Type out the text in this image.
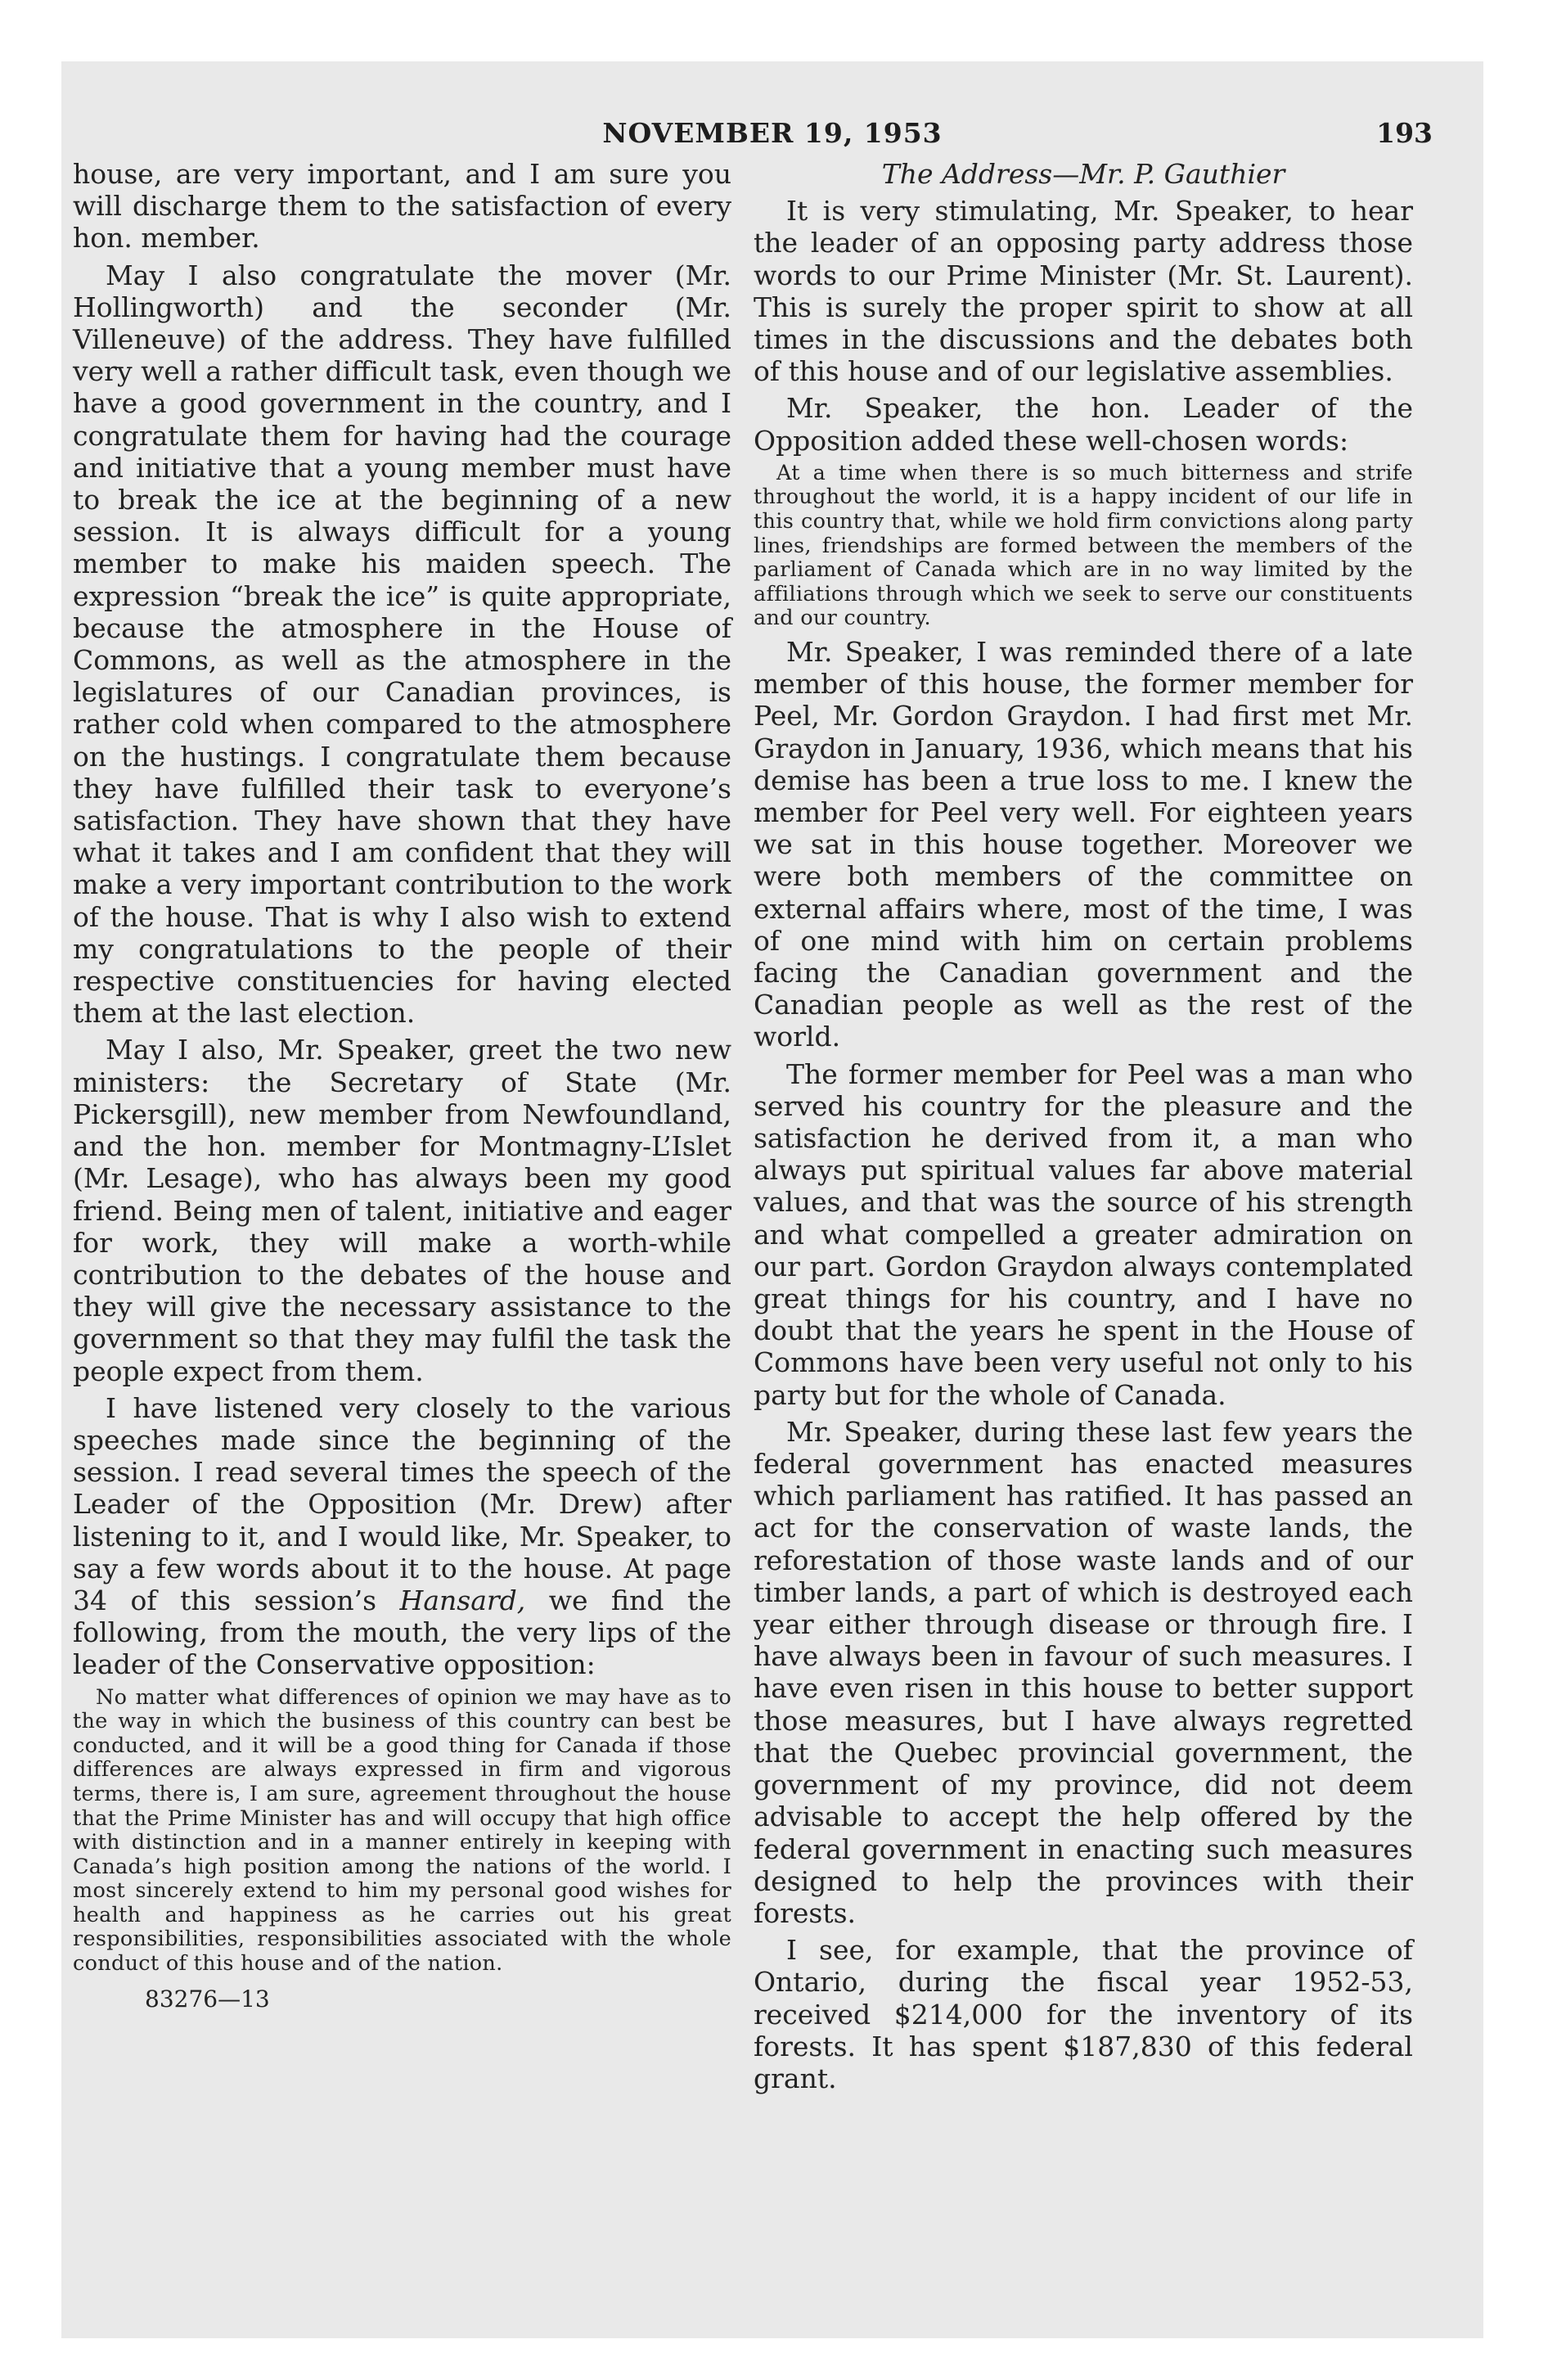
NOVEMBER 19, 1953	193

house, are very important, and I am sure you will discharge them to the satisfaction of every hon. member.

May I also congratulate the mover (Mr. Hollingworth) and the seconder (Mr. Villeneuve) of the address. They have fulfilled very well a rather difficult task, even though we have a good government in the country, and I congratulate them for having had the courage and initiative that a young member must have to break the ice at the beginning of a new session. It is always difficult for a young member to make his maiden speech. The expression “break the ice” is quite appropriate, because the atmosphere in the House of Commons, as well as the atmosphere in the legislatures of our Canadian provinces, is rather cold when compared to the atmosphere on the hustings. I congratulate them because they have fulfilled their task to everyone’s satisfaction. They have shown that they have what it takes and I am confident that they will make a very important contribution to the work of the house. That is why I also wish to extend my congratulations to the people of their respective constituencies for having elected them at the last election.

May I also, Mr. Speaker, greet the two new ministers: the Secretary of State (Mr. Pickersgill), new member from Newfoundland, and the hon. member for Montmagny-L’Islet (Mr. Lesage), who has always been my good friend. Being men of talent, initiative and eager for work, they will make a worth-while contribution to the debates of the house and they will give the necessary assistance to the government so that they may fulfil the task the people expect from them.

I have listened very closely to the various speeches made since the beginning of the session. I read several times the speech of the Leader of the Opposition (Mr. Drew) after listening to it, and I would like, Mr. Speaker, to say a few words about it to the house. At page 34 of this session’s Hansard, we find the following, from the mouth, the very lips of the leader of the Conservative opposition:

No matter what differences of opinion we may have as to the way in which the business of this country can best be conducted, and it will be a good thing for Canada if those differences are always expressed in firm and vigorous terms, there is, I am sure, agreement throughout the house that the Prime Minister has and will occupy that high office with distinction and in a manner entirely in keeping with Canada’s high position among the nations of the world. I most sincerely extend to him my personal good wishes for health and happiness as he carries out his great responsibilities, responsibilities associated with the whole conduct of this house and of the nation.
83276—13
The Address—Mr. P. Gauthier

It is very stimulating, Mr. Speaker, to hear the leader of an opposing party address those words to our Prime Minister (Mr. St. Laurent). This is surely the proper spirit to show at all times in the discussions and the debates both of this house and of our legislative assemblies.

Mr. Speaker, the hon. Leader of the Opposition added these well-chosen words:

At a time when there is so much bitterness and strife throughout the world, it is a happy incident of our life in this country that, while we hold firm convictions along party lines, friendships are formed between the members of the parliament of Canada which are in no way limited by the affiliations through which we seek to serve our constituents and our country.

Mr. Speaker, I was reminded there of a late member of this house, the former member for Peel, Mr. Gordon Graydon. I had first met Mr. Graydon in January, 1936, which means that his demise has been a true loss to me. I knew the member for Peel very well. For eighteen years we sat in this house together. Moreover we were both members of the committee on external affairs where, most of the time, I was of one mind with him on certain problems facing the Canadian government and the Canadian people as well as the rest of the world.

The former member for Peel was a man who served his country for the pleasure and the satisfaction he derived from it, a man who always put spiritual values far above material values, and that was the source of his strength and what compelled a greater admiration on our part. Gordon Graydon always contemplated great things for his country, and I have no doubt that the years he spent in the House of Commons have been very useful not only to his party but for the whole of Canada.

Mr. Speaker, during these last few years the federal government has enacted measures which parliament has ratified. It has passed an act for the conservation of waste lands, the reforestation of those waste lands and of our timber lands, a part of which is destroyed each year either through disease or through fire. I have always been in favour of such measures. I have even risen in this house to better support those measures, but I have always regretted that the Quebec provincial government, the government of my province, did not deem advisable to accept the help offered by the federal government in enacting such measures designed to help the provinces with their forests.

I see, for example, that the province of Ontario, during the fiscal year 1952-53, received $214,000 for the inventory of its forests. It has spent $187,830 of this federal grant.
